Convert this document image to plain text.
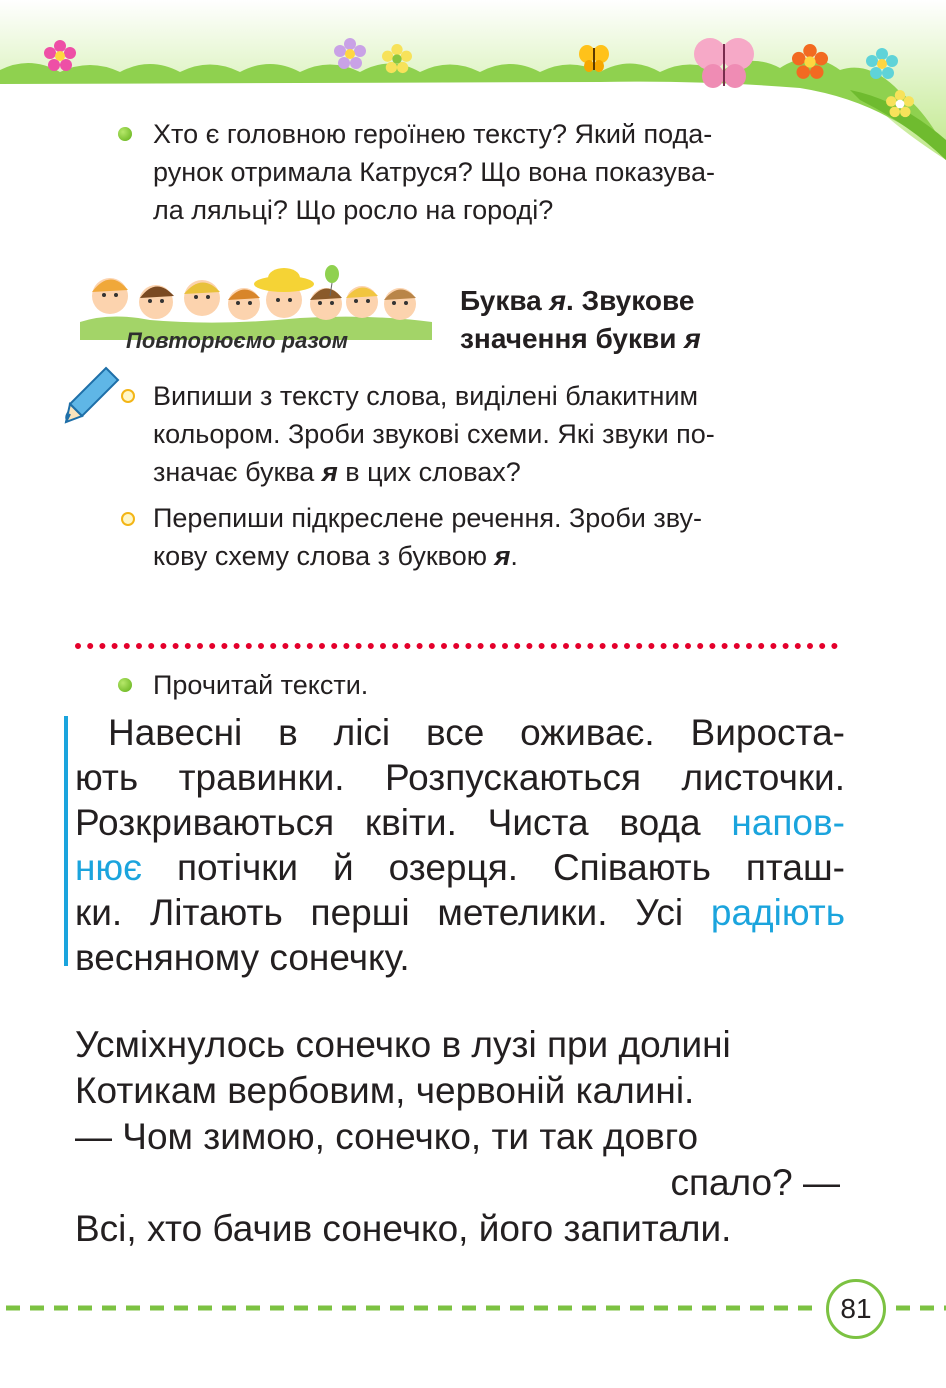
Хто є головною героїнею тексту? Який пода-
рунок отримала Катруся? Що вона показува-
ла ляльці? Що росло на городі?
Повторюємо разом
Буква я. Звукове
значення букви я
Випиши з тексту слова, виділені блакитним
кольором. Зроби звукові схеми. Які звуки по-
значає буква я в цих словах?
Перепиши підкреслене речення. Зроби зву-
кову схему слова з буквою я.
Прочитай тексти.
Навесні в лісі все оживає. Вироста-
ють травинки. Розпускаються листочки.
Розкриваються квіти. Чиста вода напов-
нює потічки й озерця. Співають пташ-
ки. Літають перші метелики. Усі радіють
весняному сонечку.
Усміхнулось сонечко в лузі при долині
Котикам вербовим, червоній калині.
— Чом зимою, сонечко, ти так довго
спало? —
Всі, хто бачив сонечко, його запитали.
81
